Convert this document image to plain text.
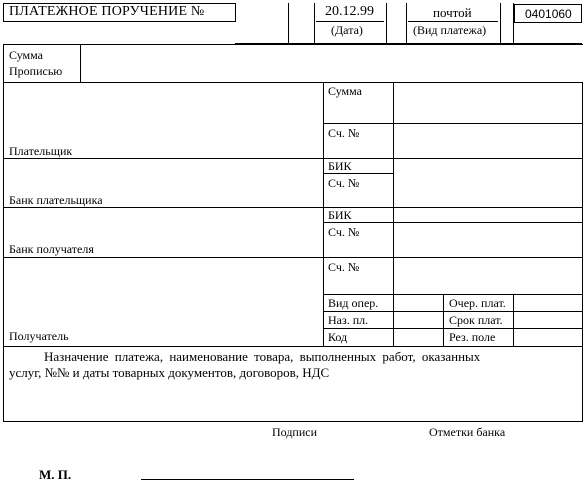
ПЛАТЕЖНОЕ ПОРУЧЕНИЕ №	20.12.99
(Дата)
почтой
(Вид платежа)
0401060
Сумма
Прописью
Плательщик
Банк плательщика
Банк получателя
Получатель
Сумма
Сч. №
БИК
Сч. №
БИК
Сч. №
Сч. №
Вид опер.
Наз. пл.
Код
Очер. плат.
Срок плат.
Рез. поле
Назначение платежа, наименование товара, выполненных работ, оказанных
услуг, №№ и даты товарных документов, договоров, НДС
Подписи	Отметки банка
М. П.
